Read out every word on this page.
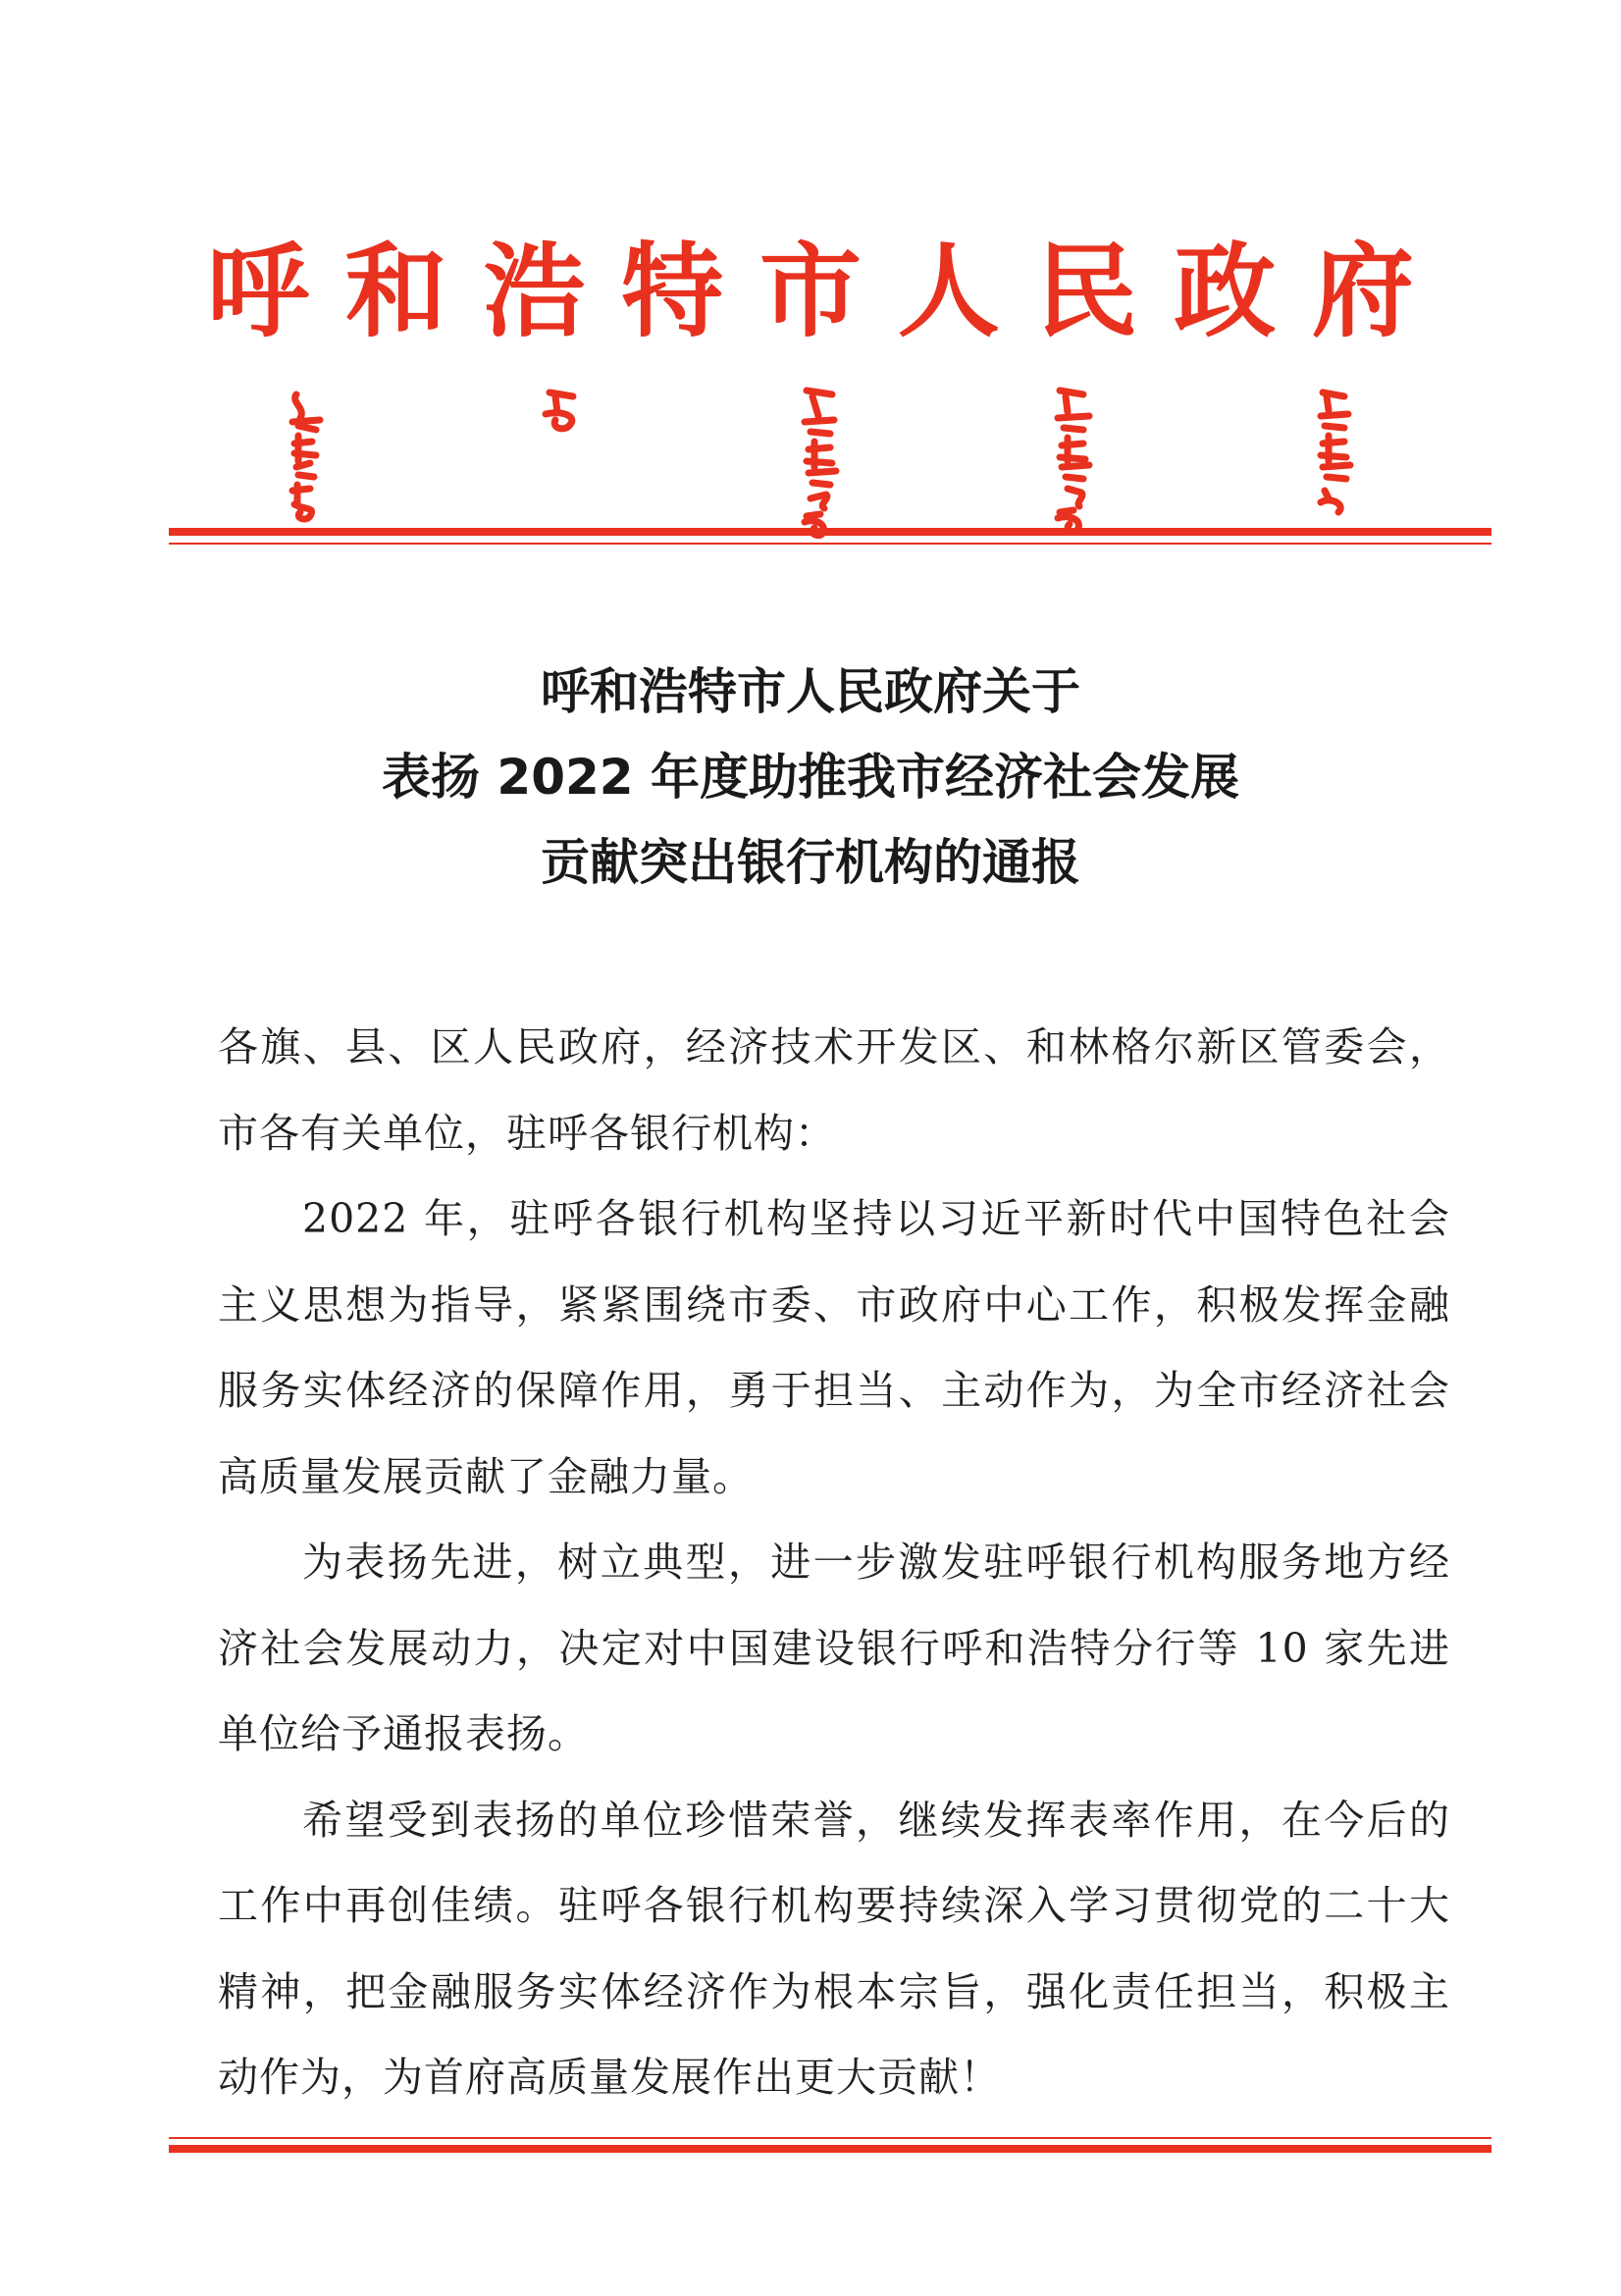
呼 和 浩 特 市 人 民 政 府
呼和浩特市人民政府关于
表扬 2022 年度助推我市经济社会发展
贡献突出银行机构的通报

各旗、县、区人民政府，经济技术开发区、和林格尔新区管委会，市各有关单位，驻呼各银行机构：

2022 年，驻呼各银行机构坚持以习近平新时代中国特色社会主义思想为指导，紧紧围绕市委、市政府中心工作，积极发挥金融服务实体经济的保障作用，勇于担当、主动作为，为全市经济社会高质量发展贡献了金融力量。

为表扬先进，树立典型，进一步激发驻呼银行机构服务地方经济社会发展动力，决定对中国建设银行呼和浩特分行等 10 家先进单位给予通报表扬。

希望受到表扬的单位珍惜荣誉，继续发挥表率作用，在今后的工作中再创佳绩。驻呼各银行机构要持续深入学习贯彻党的二十大精神，把金融服务实体经济作为根本宗旨，强化责任担当，积极主动作为，为首府高质量发展作出更大贡献！
